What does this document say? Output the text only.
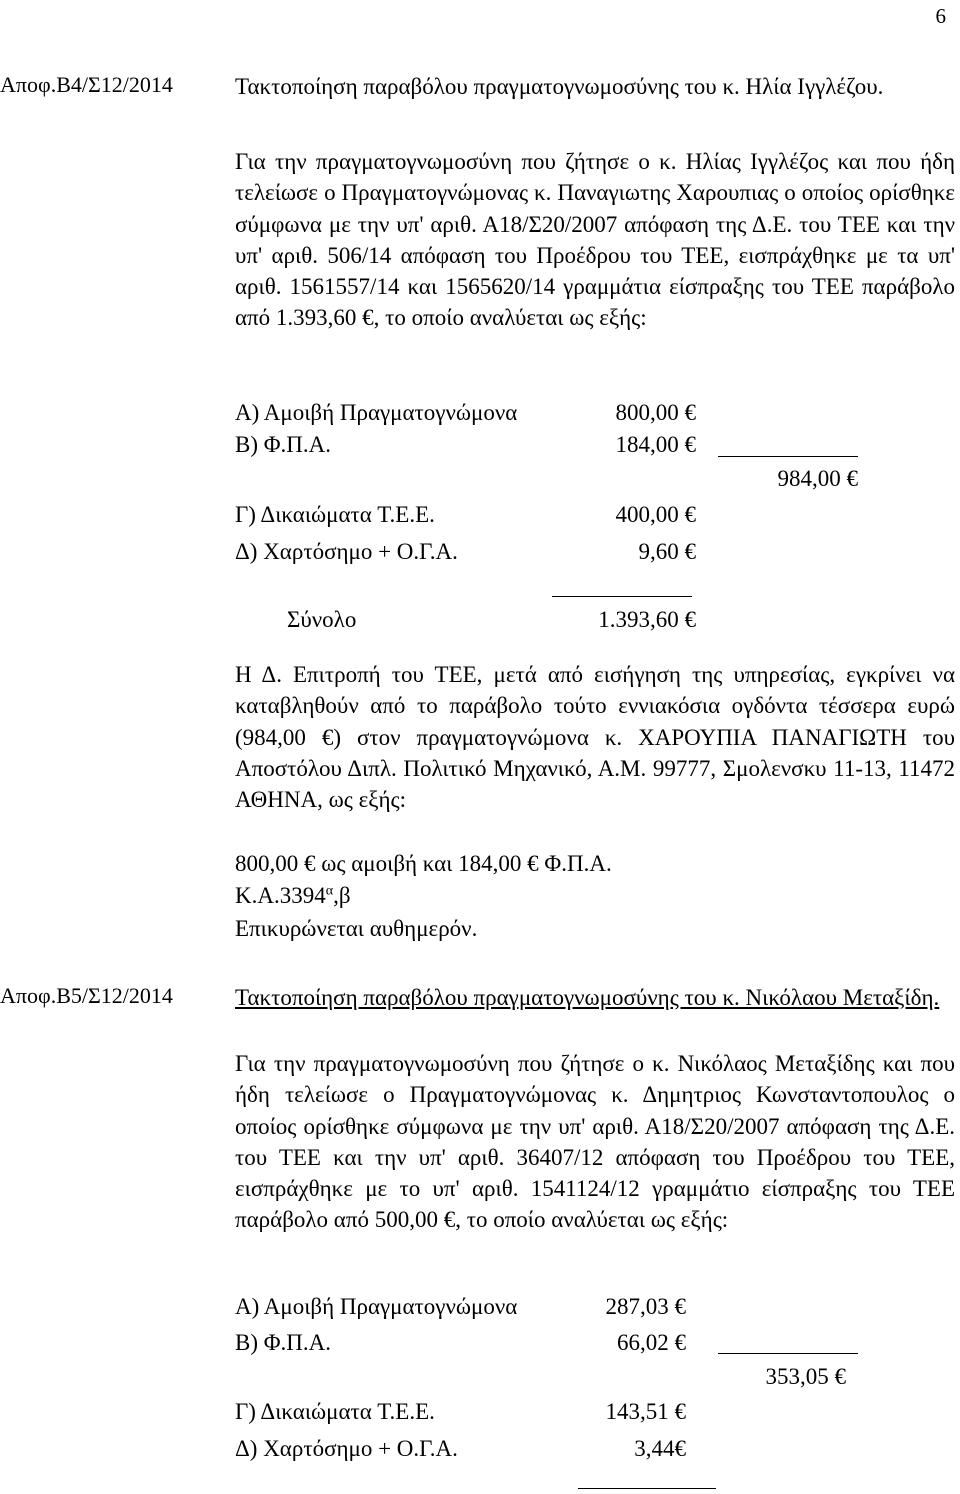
6
Αποφ.Β4/Σ12/2014	Τακτοποίηση παραβόλου πραγματογνωμοσύνης του κ. Ηλία Ιγγλέζου.
Για την πραγματογνωμοσύνη που ζήτησε ο κ. Ηλίας Ιγγλέζος και που ήδη τελείωσε ο Πραγματογνώμονας κ. Παναγιωτης Χαρουπιας ο οποίος ορίσθηκε σύμφωνα με την υπ' αριθ. Α18/Σ20/2007 απόφαση της Δ.Ε. του ΤΕΕ και την υπ' αριθ. 506/14 απόφαση του Προέδρου του ΤΕΕ, εισπράχθηκε με τα υπ' αριθ. 1561557/14 και 1565620/14 γραμμάτια είσπραξης του ΤΕΕ παράβολο από 1.393,60 €, το οποίο αναλύεται ως εξής:
Α) Αμοιβή Πραγματογνώμονα	800,00 €
Β) Φ.Π.Α.	184,00 €
984,00 €
Γ) Δικαιώματα Τ.Ε.Ε.	400,00 €
Δ) Χαρτόσημο + Ο.Γ.Α.	9,60 €
Σύνολο	1.393,60 €
Η Δ. Επιτροπή του ΤΕΕ, μετά από εισήγηση της υπηρεσίας, εγκρίνει να καταβληθούν από το παράβολο τούτο εννιακόσια ογδόντα τέσσερα ευρώ (984,00 €) στον πραγματογνώμονα κ. ΧΑΡΟΥΠΙΑ ΠΑΝΑΓΙΩΤΗ του Αποστόλου Διπλ. Πολιτικό Μηχανικό, Α.Μ. 99777, Σμολενσκυ 11-13, 11472 ΑΘΗΝΑ, ως εξής:
800,00 € ως αμοιβή και 184,00 € Φ.Π.Α.
$K.A.3394^\alpha,\beta$
Επικυρώνεται αυθημερόν.
Αποφ.Β5/Σ12/2014	Τακτοποίηση παραβόλου πραγματογνωμοσύνης του κ. Νικόλαου Μεταξίδη.
Για την πραγματογνωμοσύνη που ζήτησε ο κ. Νικόλαος Μεταξίδης και που ήδη τελείωσε ο Πραγματογνώμονας κ. Δημητριος Κωνσταντοπουλος ο οποίος ορίσθηκε σύμφωνα με την υπ' αριθ. Α18/Σ20/2007 απόφαση της Δ.Ε. του ΤΕΕ και την υπ' αριθ. 36407/12 απόφαση του Προέδρου του ΤΕΕ, εισπράχθηκε με το υπ' αριθ. 1541124/12 γραμμάτιο είσπραξης του ΤΕΕ παράβολο από 500,00 €, το οποίο αναλύεται ως εξής:
Α) Αμοιβή Πραγματογνώμονα	287,03 €
Β) Φ.Π.Α.	66,02 €
353,05 €
Γ) Δικαιώματα Τ.Ε.Ε.	143,51 €
Δ) Χαρτόσημο + Ο.Γ.Α.	3,44€
